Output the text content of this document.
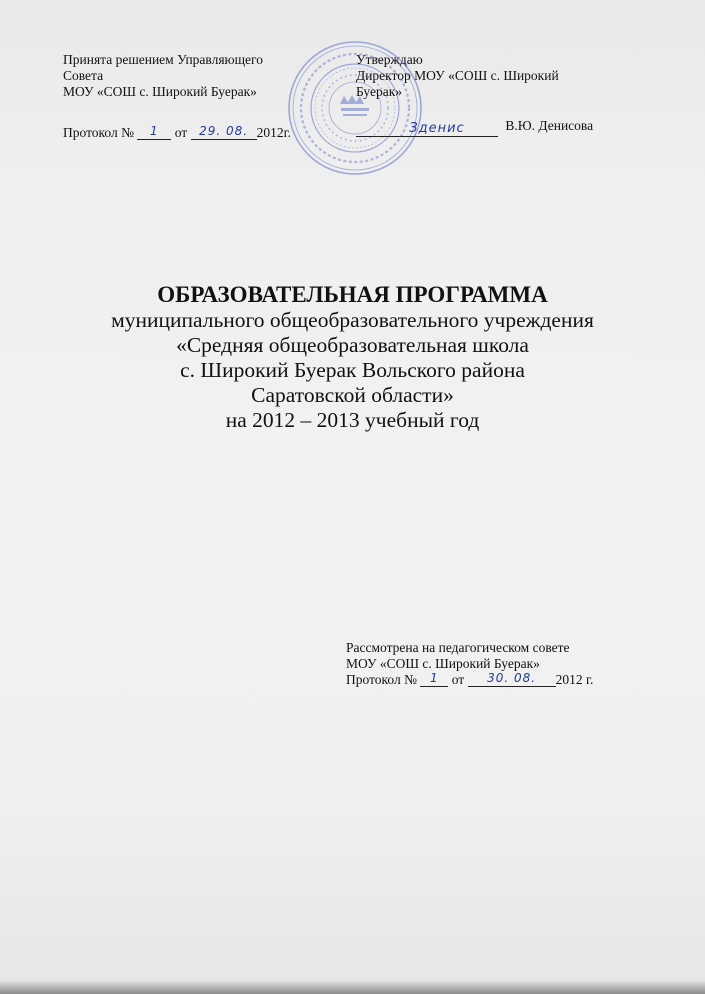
Принята решением Управляющего
Совета
МОУ «СОШ с. Широкий Буерак»
Утверждаю
Директор МОУ «СОШ с. Широкий
Буерак»
Протокол № 1 от 29. 08. 2012г.	Зденис	В.Ю. Денисова
ОБРАЗОВАТЕЛЬНАЯ ПРОГРАММА
муниципального общеобразовательного учреждения
«Средняя общеобразовательная школа
с. Широкий Буерак Вольского района
Саратовской области»
на 2012 – 2013 учебный год
Рассмотрена на педагогическом совете
МОУ «СОШ с. Широкий Буерак»
Протокол № 1 от 30. 08. 2012 г.
